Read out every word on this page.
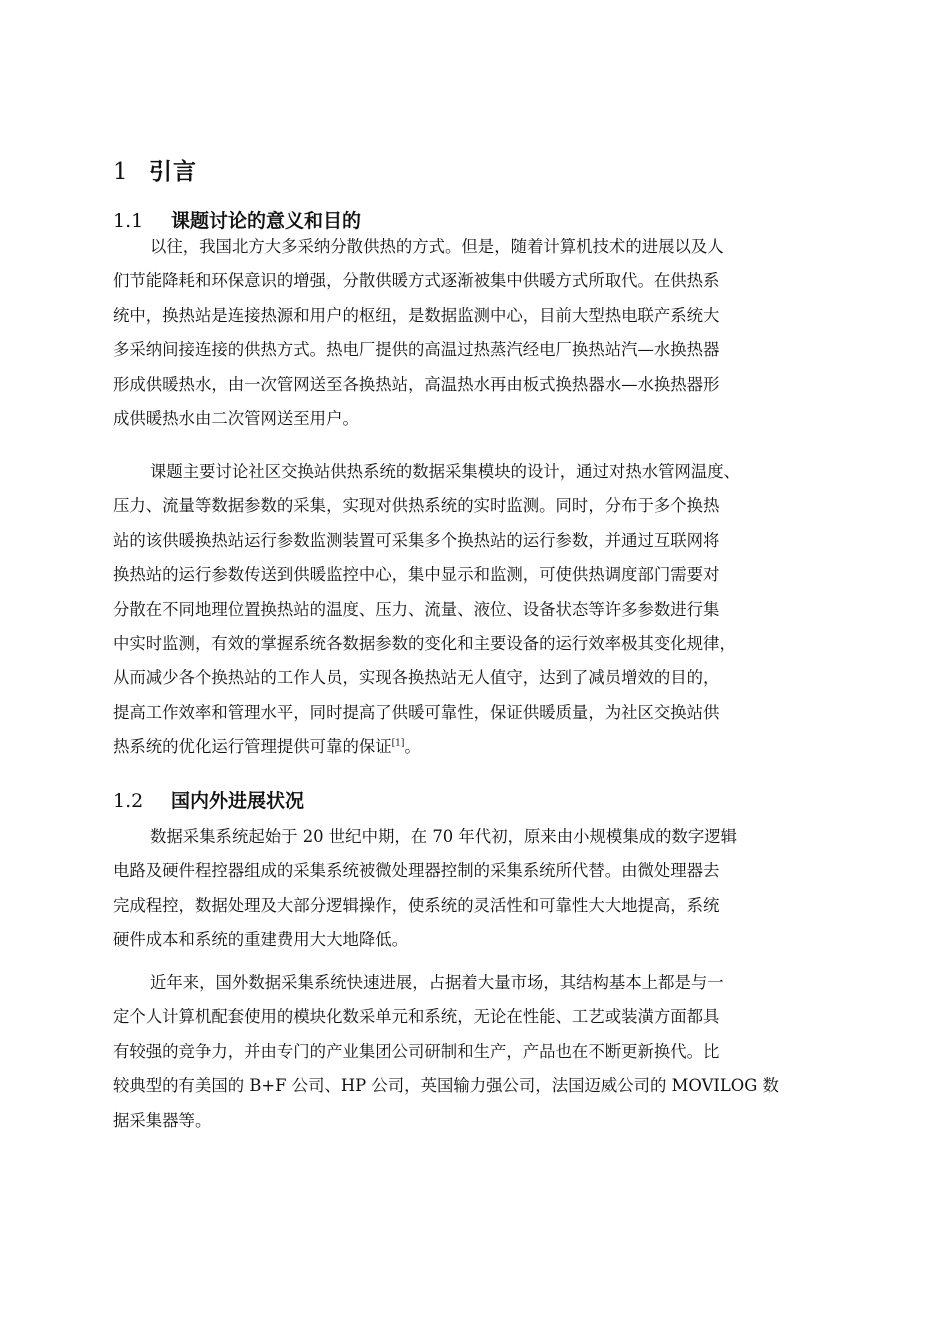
1 引言
1.1 课题讨论的意义和目的
以往，我国北方大多采纳分散供热的方式。但是，随着计算机技术的进展以及人
们节能降耗和环保意识的增强，分散供暖方式逐渐被集中供暖方式所取代。在供热系
统中，换热站是连接热源和用户的枢纽，是数据监测中心，目前大型热电联产系统大
多采纳间接连接的供热方式。热电厂提供的高温过热蒸汽经电厂换热站汽—水换热器
形成供暖热水，由一次管网送至各换热站，高温热水再由板式换热器水—水换热器形
成供暖热水由二次管网送至用户。
课题主要讨论社区交换站供热系统的数据采集模块的设计，通过对热水管网温度、
压力、流量等数据参数的采集，实现对供热系统的实时监测。同时，分布于多个换热
站的该供暖换热站运行参数监测装置可采集多个换热站的运行参数，并通过互联网将
换热站的运行参数传送到供暖监控中心，集中显示和监测，可使供热调度部门需要对
分散在不同地理位置换热站的温度、压力、流量、液位、设备状态等许多参数进行集
中实时监测，有效的掌握系统各数据参数的变化和主要设备的运行效率极其变化规律，
从而减少各个换热站的工作人员，实现各换热站无人值守，达到了减员增效的目的，
提高工作效率和管理水平，同时提高了供暖可靠性，保证供暖质量，为社区交换站供
热系统的优化运行管理提供可靠的保证[1]。
1.2 国内外进展状况
数据采集系统起始于 20 世纪中期，在 70 年代初，原来由小规模集成的数字逻辑
电路及硬件程控器组成的采集系统被微处理器控制的采集系统所代替。由微处理器去
完成程控，数据处理及大部分逻辑操作，使系统的灵活性和可靠性大大地提高，系统
硬件成本和系统的重建费用大大地降低。
近年来，国外数据采集系统快速进展，占据着大量市场，其结构基本上都是与一
定个人计算机配套使用的模块化数采单元和系统，无论在性能、工艺或装潢方面都具
有较强的竞争力，并由专门的产业集团公司研制和生产，产品也在不断更新换代。比
较典型的有美国的 B+F 公司、HP 公司，英国输力强公司，法国迈威公司的 MOVILOG 数
据采集器等。
